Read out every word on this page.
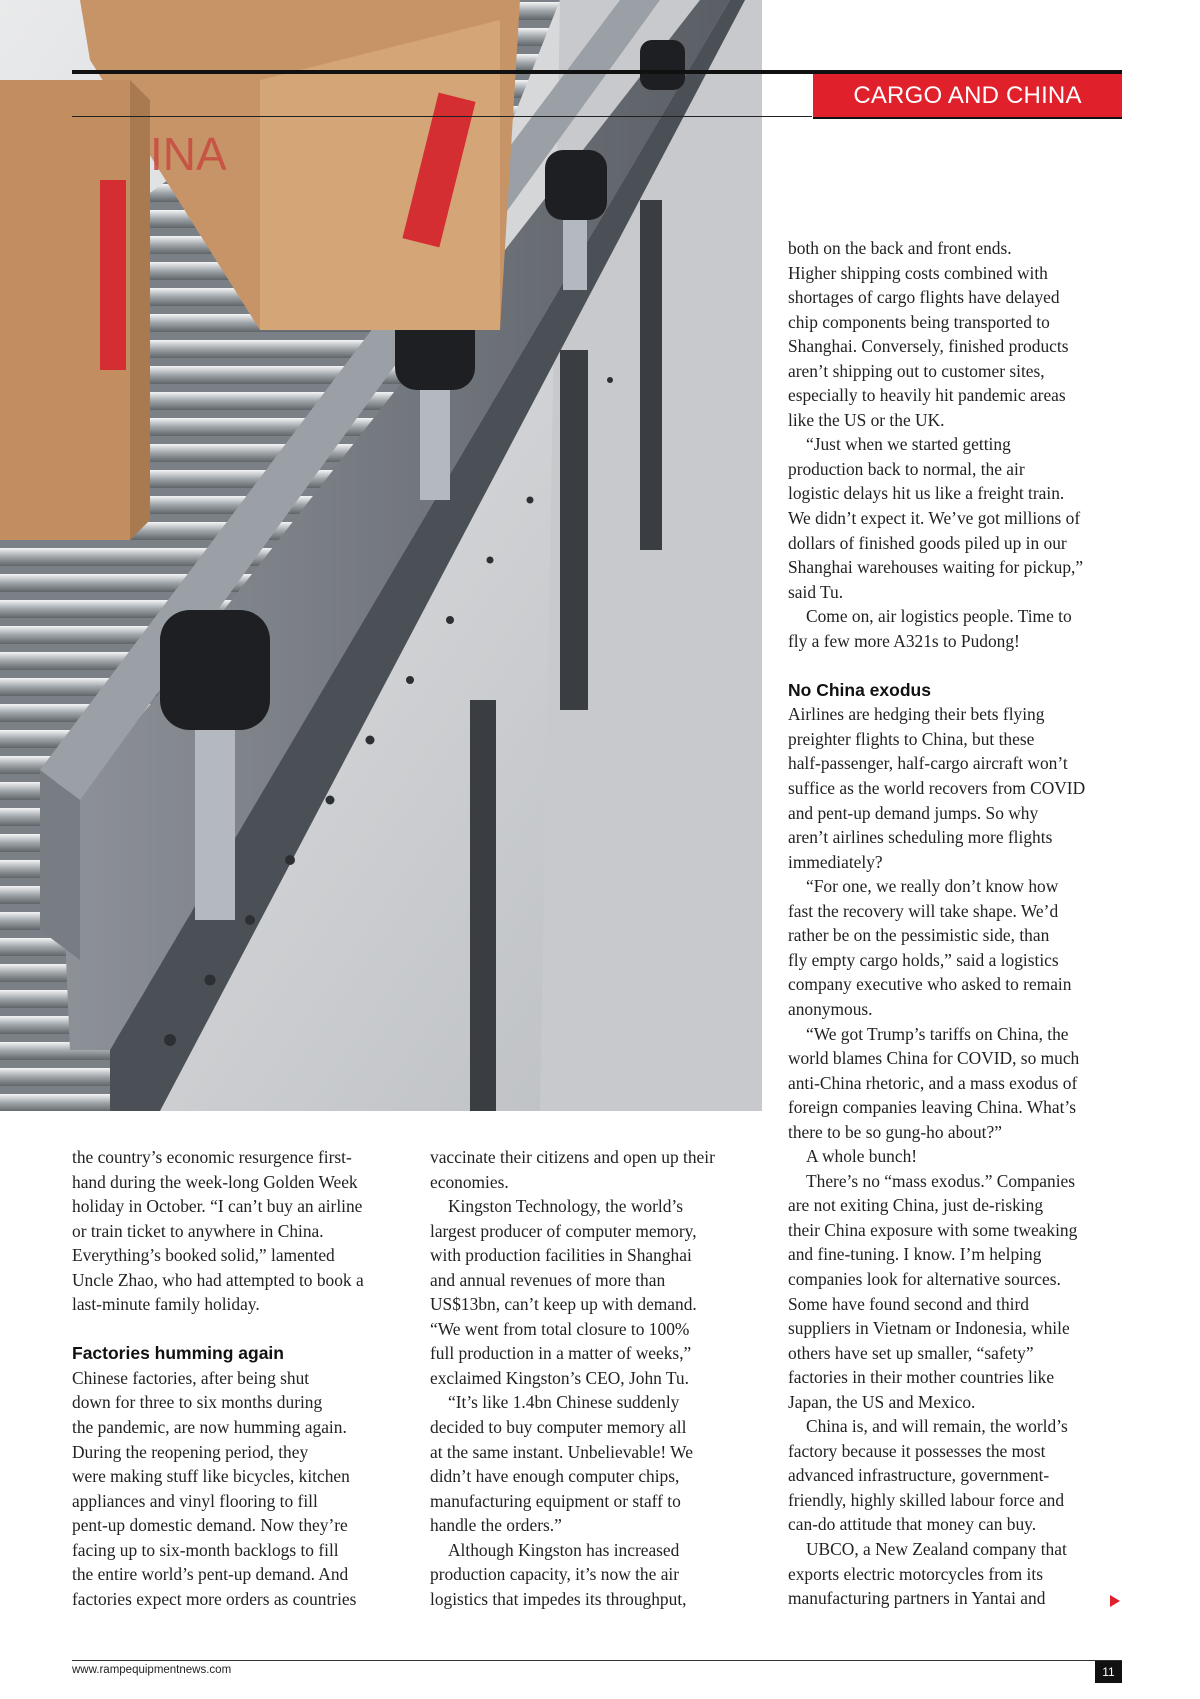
INA
CARGO AND CHINA

the country’s economic resurgence first-
hand during the week-long Golden Week
holiday in October. “I can’t buy an airline
or train ticket to anywhere in China.
Everything’s booked solid,” lamented
Uncle Zhao, who had attempted to book a
last-minute family holiday.

Factories humming again

Chinese factories, after being shut
down for three to six months during
the pandemic, are now humming again.
During the reopening period, they
were making stuff like bicycles, kitchen
appliances and vinyl flooring to fill
pent-up domestic demand. Now they’re
facing up to six-month backlogs to fill
the entire world’s pent-up demand. And
factories expect more orders as countries

vaccinate their citizens and open up their
economies.

Kingston Technology, the world’s
largest producer of computer memory,
with production facilities in Shanghai
and annual revenues of more than
US$13bn, can’t keep up with demand.
“We went from total closure to 100%
full production in a matter of weeks,”
exclaimed Kingston’s CEO, John Tu.

“It’s like 1.4bn Chinese suddenly
decided to buy computer memory all
at the same instant. Unbelievable! We
didn’t have enough computer chips,
manufacturing equipment or staff to
handle the orders.”

Although Kingston has increased
production capacity, it’s now the air
logistics that impedes its throughput,

both on the back and front ends.
Higher shipping costs combined with
shortages of cargo flights have delayed
chip components being transported to
Shanghai. Conversely, finished products
aren’t shipping out to customer sites,
especially to heavily hit pandemic areas
like the US or the UK.

“Just when we started getting
production back to normal, the air
logistic delays hit us like a freight train.
We didn’t expect it. We’ve got millions of
dollars of finished goods piled up in our
Shanghai warehouses waiting for pickup,”
said Tu.

Come on, air logistics people. Time to
fly a few more A321s to Pudong!

No China exodus

Airlines are hedging their bets flying
preighter flights to China, but these
half-passenger, half-cargo aircraft won’t
suffice as the world recovers from COVID
and pent-up demand jumps. So why
aren’t airlines scheduling more flights
immediately?

“For one, we really don’t know how
fast the recovery will take shape. We’d
rather be on the pessimistic side, than
fly empty cargo holds,” said a logistics
company executive who asked to remain
anonymous.

“We got Trump’s tariffs on China, the
world blames China for COVID, so much
anti-China rhetoric, and a mass exodus of
foreign companies leaving China. What’s
there to be so gung-ho about?”

A whole bunch!

There’s no “mass exodus.” Companies
are not exiting China, just de-risking
their China exposure with some tweaking
and fine-tuning. I know. I’m helping
companies look for alternative sources.
Some have found second and third
suppliers in Vietnam or Indonesia, while
others have set up smaller, “safety”
factories in their mother countries like
Japan, the US and Mexico.

China is, and will remain, the world’s
factory because it possesses the most
advanced infrastructure, government-
friendly, highly skilled labour force and
can-do attitude that money can buy.

UBCO, a New Zealand company that
exports electric motorcycles from its
manufacturing partners in Yantai and

www.rampequipmentnews.com	11
